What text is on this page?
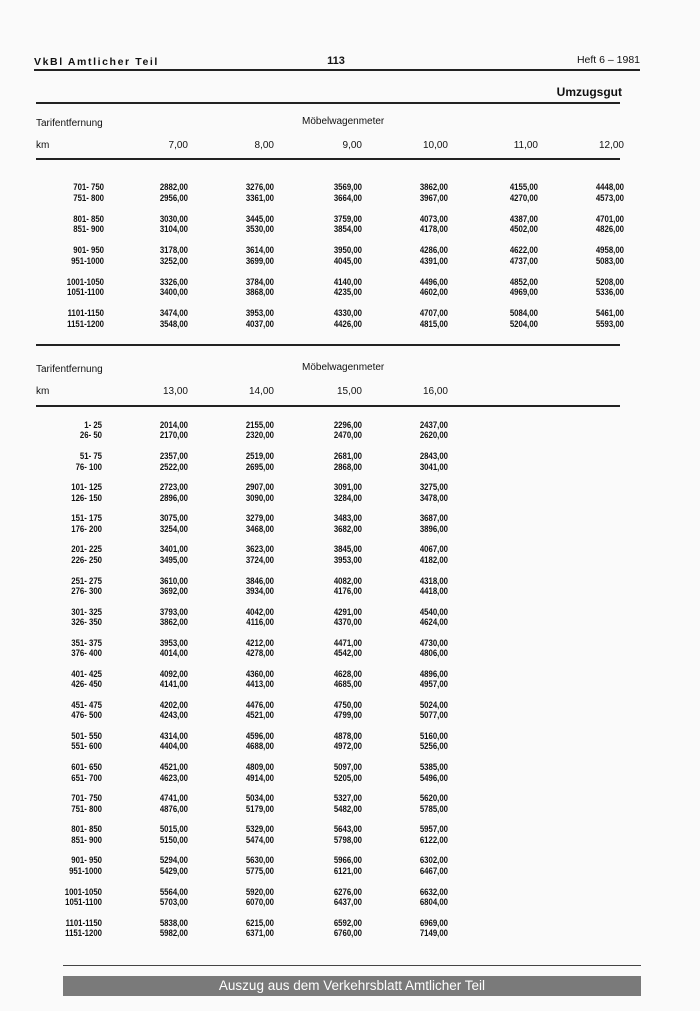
VkBl Amtlicher Teil	113	Heft 6 – 1981
Umzugsgut
Tarifentfernung	Möbelwagenmeter
km	7,00	8,00	9,00	10,00	11,00	12,00
701- 750	2882,00	3276,00	3569,00	3862,00	4155,00	4448,00
751- 800	2956,00	3361,00	3664,00	3967,00	4270,00	4573,00
801- 850	3030,00	3445,00	3759,00	4073,00	4387,00	4701,00
851- 900	3104,00	3530,00	3854,00	4178,00	4502,00	4826,00
901- 950	3178,00	3614,00	3950,00	4286,00	4622,00	4958,00
951-1000	3252,00	3699,00	4045,00	4391,00	4737,00	5083,00
1001-1050	3326,00	3784,00	4140,00	4496,00	4852,00	5208,00
1051-1100	3400,00	3868,00	4235,00	4602,00	4969,00	5336,00
1101-1150	3474,00	3953,00	4330,00	4707,00	5084,00	5461,00
1151-1200	3548,00	4037,00	4426,00	4815,00	5204,00	5593,00
Tarifentfernung	Möbelwagenmeter
km	13,00	14,00	15,00	16,00
1- 25	2014,00	2155,00	2296,00	2437,00
26- 50	2170,00	2320,00	2470,00	2620,00
51- 75	2357,00	2519,00	2681,00	2843,00
76- 100	2522,00	2695,00	2868,00	3041,00
101- 125	2723,00	2907,00	3091,00	3275,00
126- 150	2896,00	3090,00	3284,00	3478,00
151- 175	3075,00	3279,00	3483,00	3687,00
176- 200	3254,00	3468,00	3682,00	3896,00
201- 225	3401,00	3623,00	3845,00	4067,00
226- 250	3495,00	3724,00	3953,00	4182,00
251- 275	3610,00	3846,00	4082,00	4318,00
276- 300	3692,00	3934,00	4176,00	4418,00
301- 325	3793,00	4042,00	4291,00	4540,00
326- 350	3862,00	4116,00	4370,00	4624,00
351- 375	3953,00	4212,00	4471,00	4730,00
376- 400	4014,00	4278,00	4542,00	4806,00
401- 425	4092,00	4360,00	4628,00	4896,00
426- 450	4141,00	4413,00	4685,00	4957,00
451- 475	4202,00	4476,00	4750,00	5024,00
476- 500	4243,00	4521,00	4799,00	5077,00
501- 550	4314,00	4596,00	4878,00	5160,00
551- 600	4404,00	4688,00	4972,00	5256,00
601- 650	4521,00	4809,00	5097,00	5385,00
651- 700	4623,00	4914,00	5205,00	5496,00
701- 750	4741,00	5034,00	5327,00	5620,00
751- 800	4876,00	5179,00	5482,00	5785,00
801- 850	5015,00	5329,00	5643,00	5957,00
851- 900	5150,00	5474,00	5798,00	6122,00
901- 950	5294,00	5630,00	5966,00	6302,00
951-1000	5429,00	5775,00	6121,00	6467,00
1001-1050	5564,00	5920,00	6276,00	6632,00
1051-1100	5703,00	6070,00	6437,00	6804,00
1101-1150	5838,00	6215,00	6592,00	6969,00
1151-1200	5982,00	6371,00	6760,00	7149,00
Auszug aus dem Verkehrsblatt Amtlicher Teil
